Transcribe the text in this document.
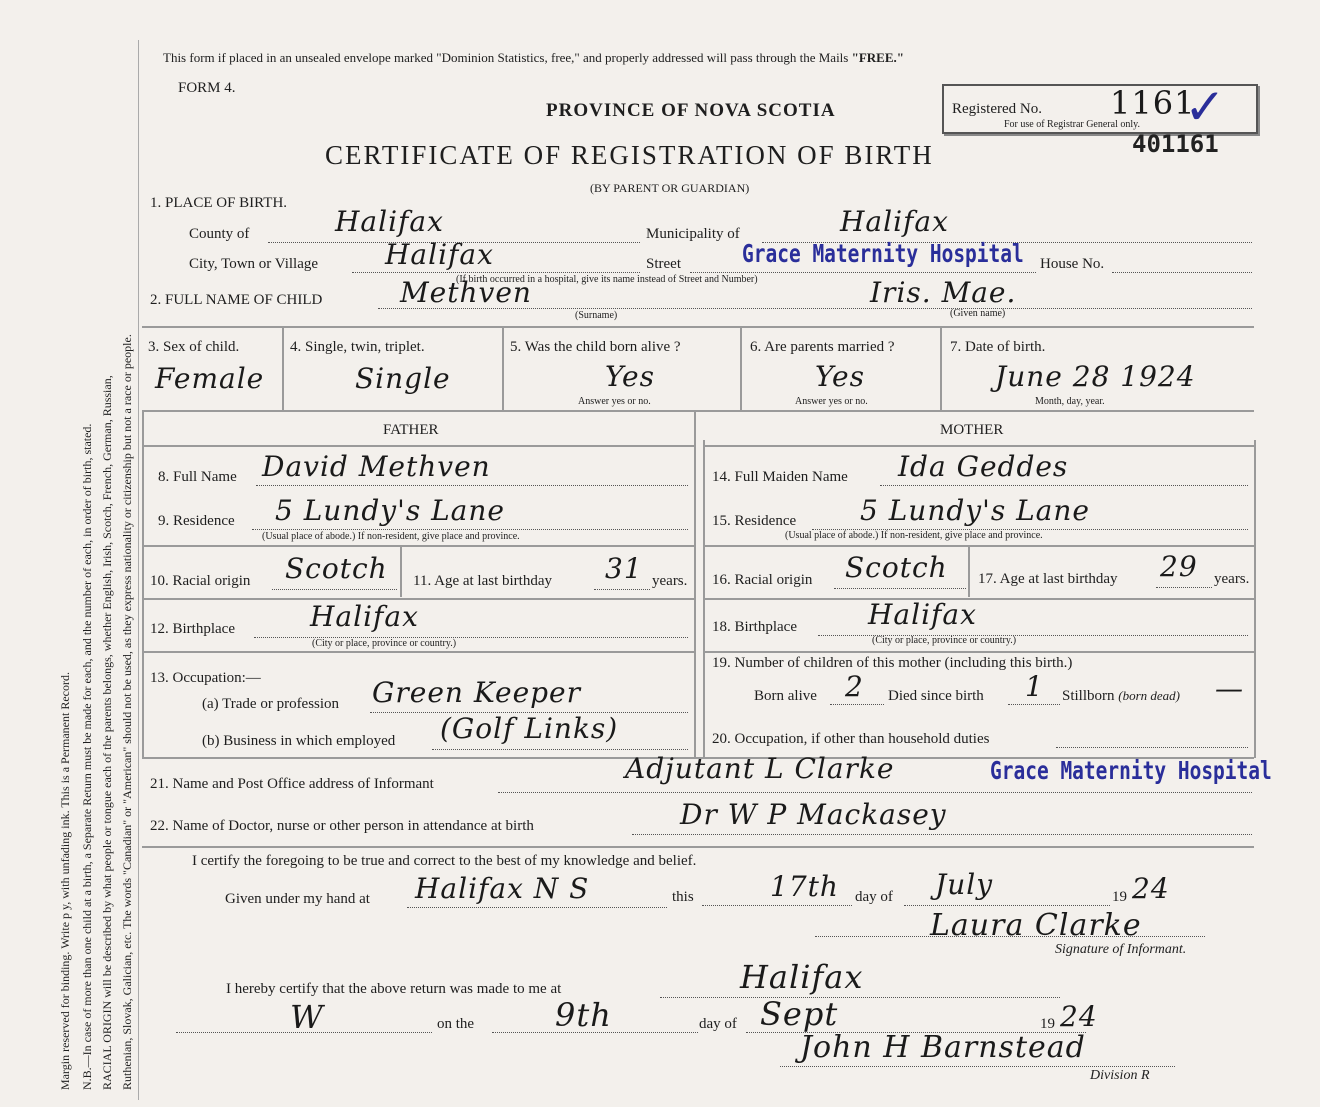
Margin reserved for binding. Write p y, with unfading ink. This is a Permanent Record. N.B.—In case of more than one child at a birth, a Separate Return must be made for each, and the number of each, in order of birth, stated. RACIAL ORIGIN will be described by what people or tongue each of the parents belongs, whether English, Irish, Scotch, French, German, Russian, Ruthenian, Slovak, Galician, etc. The words "Canadian" or "American" should not be used, as they express nationality or citizenship but not a race or people.
This form if placed in an unsealed envelope marked "Dominion Statistics, free," and properly addressed will pass through the Mails "FREE."
FORM 4.
PROVINCE OF NOVA SCOTIA
CERTIFICATE OF REGISTRATION OF BIRTH
(BY PARENT OR GUARDIAN)
Registered No. 1161
✓
For use of Registrar General only.
401161
1. PLACE OF BIRTH.
County of	Halifax	Municipality of	Halifax
City, Town or Village Halifax	Street Grace Maternity Hospital House No.
(If birth occurred in a hospital, give its name instead of Street and Number)
2. FULL NAME OF CHILD	Methven	Iris. Mae.
(Surname)	(Given name)
3. Sex of child.
Female
4. Single, twin, triplet.
Single
5. Was the child born alive ?
Yes
Answer yes or no.
6. Are parents married ?
Yes
Answer yes or no.
7. Date of birth.
June 28 1924
Month, day, year.
FATHER	MOTHER
8. Full Name David Methven
9. Residence 5 Lundy's Lane
(Usual place of abode.) If non-resident, give place and province.
10. Racial origin Scotch 11. Age at last birthday 31 years.
12. Birthplace	Halifax
(City or place, province or country.)
13. Occupation:—
(a) Trade or profession Green Keeper
(b) Business in which employed (Golf Links)
14. Full Maiden Name Ida Geddes
15. Residence 5 Lundy's Lane
(Usual place of abode.) If non-resident, give place and province.
16. Racial origin Scotch 17. Age at last birthday 29 years.
18. Birthplace	Halifax
(City or place, province or country.)
19. Number of children of this mother (including this birth.)
Born alive 2 Died since birth 1 Stillborn (born dead) —
20. Occupation, if other than household duties
21. Name and Post Office address of Informant	Adjutant L Clarke	Grace Maternity Hospital
22. Name of Doctor, nurse or other person in attendance at birth	Dr W P Mackasey
I certify the foregoing to be true and correct to the best of my knowledge and belief.
Given under my hand at Halifax N S	this	17th day of July	19 24
Laura Clarke
Signature of Informant.
I hereby certify that the above return was made to me at	Halifax
W	on the	9th	day of Sept	19 24
John H Barnstead
Division R
